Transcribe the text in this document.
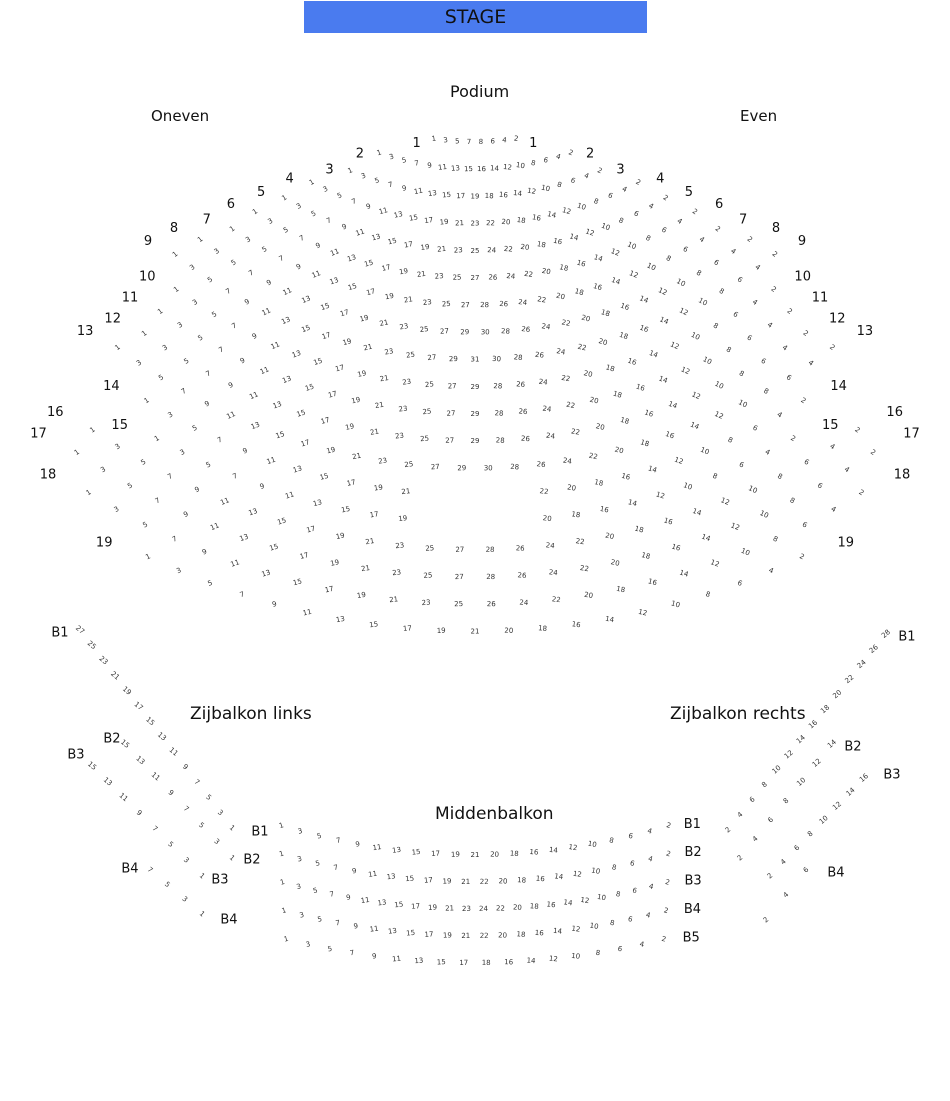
STAGE
Podium
Oneven	Even
Zijbalkon links	Zijbalkon rechts
Middenbalkon
1 3 5 7 8 6 4 2
1	1
1 3 5 7 9 11 13 15 16 14 12 10 8 6 4 2
2	2
1
3
5 7 9 11 13 15 17 19 18 16 14 12 10 8 6
4
2
3	3
1
3
5
7
9 11 13 15 17 19 21 23 22 20 18 16 14 12 10 8
6
4
2
4	4
1
3
5
7
9
11 13 15 17 19 21 23 25 24 22 20 18 16 14 12
10
8
6
4
2
5	5
1
3
5
7
9
11
13
15 17 19 21 23 25 27 26 24 22 20 18 16
14
12
10
8
6
4
2
6	6
1
3
5
7
9
11
13
15 17 19 21 23 25 27 28 26 24 22 20 18 16
14
12
10
8
6
4
2
7	7
1
3
5
7
9
11
13
15
17
19 21 23 25 27 29 30 28 26 24 22 20
18
16
14
12
10
8
6
4
2
8	8
1
3
5
7
9
11
13
15
17
19
21 23 25 27 29 31 30 28 26 24 22
20
18
16
14
12
10
8
6
4
2
9	9
1
3
5
7
9
11
13
15
17
19 21 23 25 27 29 28 26 24 22 20
18
16
14
12
10
8
6
4
2
10	10
1
3
5
7
9
11
13
15
17
19
21 23 25 27 29 28 26 24 22
20
18
16
14
12
10
8
6
4
2
11	11
1
3
5
7
9
11
13
15
17
19
21 23 25 27 29 28 26 24 22
20
18
16
14
12
10
8
6
4
2
12	12
1
3
5
7
9
11
13
15
17
19
21 23 25 27 29 30 28 26 24 22
20
18
16
14
12
10
8
6
4
2
13	13
1
3
5
7
9
11
13
15
17
19	21	22	20
18
16
14
12
10
8
6
4
2
14	14
1
3
5
7
9
11
13
15
17	19	20	18
16
14
12
10
8
6
4
2
15	15
1
3
5
7
9
11
13
15
17
19
21	23	25	27	28	26	24	22
20
18
16
14
12
10
8
6
4
2
16	16
1
3
5
7
9
11
13
15
17
19
21	23	25	27	28	26	24	22
20
18
16
14
12
10
8
6
4
2
17	17
1
3
5
7
9
11
13
15
17
19	21	23	25	26	24	22	20
18
16
14
12
10
8
6
4
2
18	18
1
3
5
7
9
11
13
15	17	19	21	20	18	16
14
12
10
8
6
4
2
19	19
27
25
23
21
19
17
15
13
11
9
7
5
3
1
B1
B1
15
13
11
9
7
5
3
1
B2
B2
15
13
11
9
7
5
3
1
B3
B3
7
5
3
1
B4
B4
28
26
24
22
20
18
16
14
12
10
8
6
4
2
B1
14
12
10
8
6
4
2
B2
16
14
12
10
8
6
4
2
B3
6
4
2
B4
1
3
5 7 9 11 13 15 17 19 21 20 18 16 14 12 10 8 6
4
2 B1
1
3
5 7 9 11 13 15 17 19 21 22 20 18 16 14 12 10 8 6
4
2 B2
1 3 5 7 9 11 13 15 17 19 21 23 24 22 20 18 16 14 12 10 8 6 4 2 B3
1
3 5 7 9 11 13 15 17 19 21 22 20 18 16 14 12 10 8 6 4
2 B4
1
3
5 7 9 11 13 15 17 18 16 14 12 10 8 6
4
2 B5
